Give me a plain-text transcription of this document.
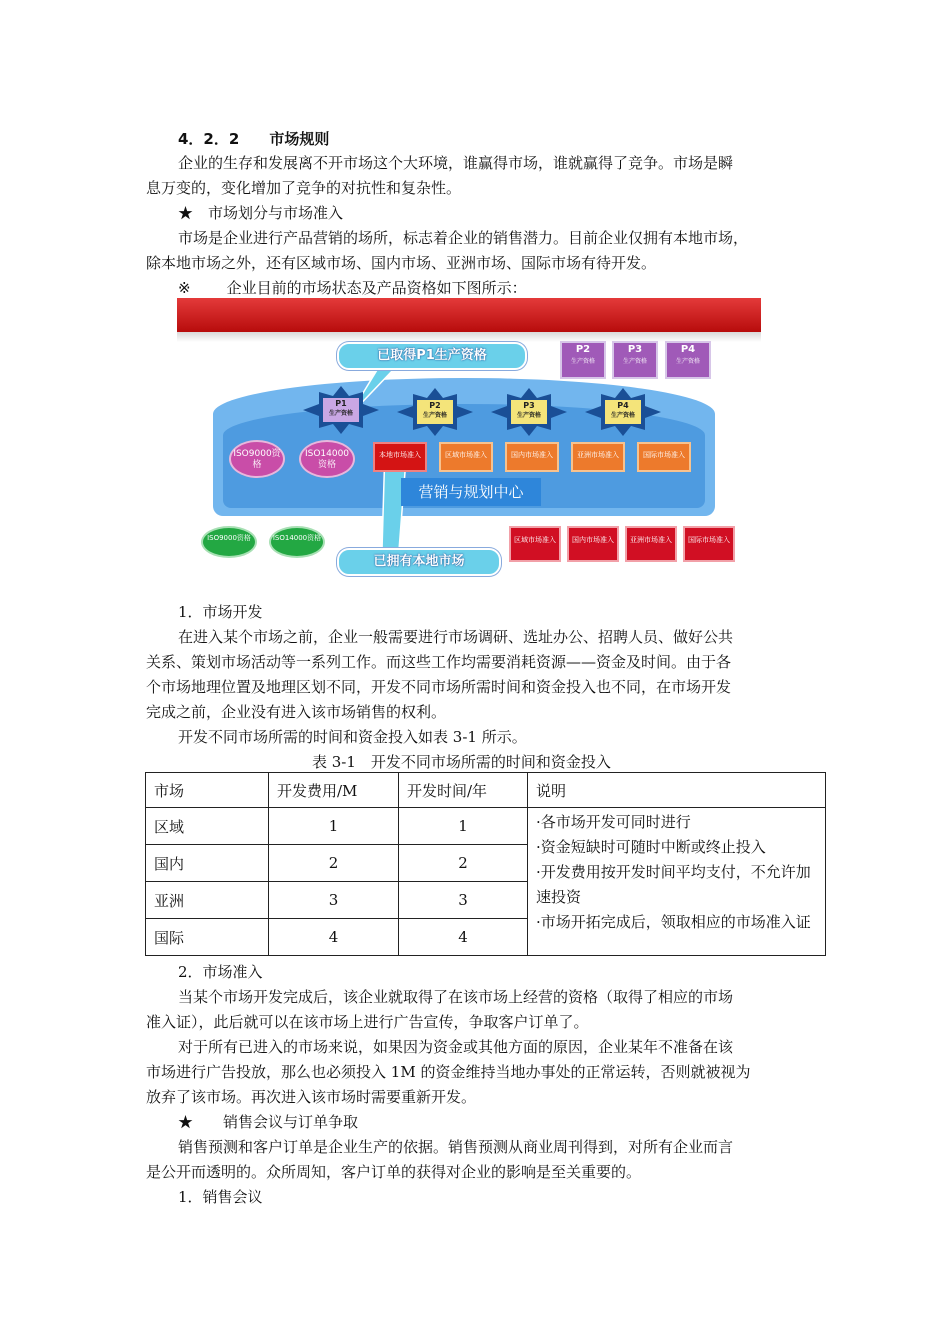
4．2．2 市场规则
企业的生存和发展离不开市场这个大环境，谁赢得市场，谁就赢得了竞争。市场是瞬
息万变的，变化增加了竞争的对抗性和复杂性。
★　市场划分与市场准入
市场是企业进行产品营销的场所，标志着企业的销售潜力。目前企业仅拥有本地市场，
除本地市场之外，还有区域市场、国内市场、亚洲市场、国际市场有待开发。
※ 企业目前的市场状态及产品资格如下图所示：
已取得P1生产资格	P2
生产资格
P3
生产资格
P4
生产资格
P1
生产资格
P2
生产资格
P3
生产资格
P4
生产资格
ISO9000资格
ISO14000资格
本地市场准入	区域市场准入	国内市场准入	亚洲市场准入	国际市场准入
营销与规划中心
ISO9000资格	ISO14000资格
已拥有本地市场
区域市场准入	国内市场准入	亚洲市场准入	国际市场准入
1．市场开发
在进入某个市场之前，企业一般需要进行市场调研、选址办公、招聘人员、做好公共
关系、策划市场活动等一系列工作。而这些工作均需要消耗资源——资金及时间。由于各
个市场地理位置及地理区划不同，开发不同市场所需时间和资金投入也不同，在市场开发
完成之前，企业没有进入该市场销售的权利。
开发不同市场所需的时间和资金投入如表 3-1 所示。
表 3-1　开发不同市场所需的时间和资金投入
市场	开发费用/M	开发时间/年	说明
区域	1	1	·各市场开发可同时进行
·资金短缺时可随时中断或终止投入
·开发费用按开发时间平均支付，不允许加速投资
·市场开拓完成后，领取相应的市场准入证

国内	2	2	
亚洲	3	3	
国际	4	4	
2．市场准入
当某个市场开发完成后，该企业就取得了在该市场上经营的资格（取得了相应的市场
准入证），此后就可以在该市场上进行广告宣传，争取客户订单了。
对于所有已进入的市场来说，如果因为资金或其他方面的原因，企业某年不准备在该
市场进行广告投放，那么也必须投入 1M 的资金维持当地办事处的正常运转，否则就被视为
放弃了该市场。再次进入该市场时需要重新开发。
★　　销售会议与订单争取
销售预测和客户订单是企业生产的依据。销售预测从商业周刊得到，对所有企业而言
是公开而透明的。众所周知，客户订单的获得对企业的影响是至关重要的。
1．销售会议
